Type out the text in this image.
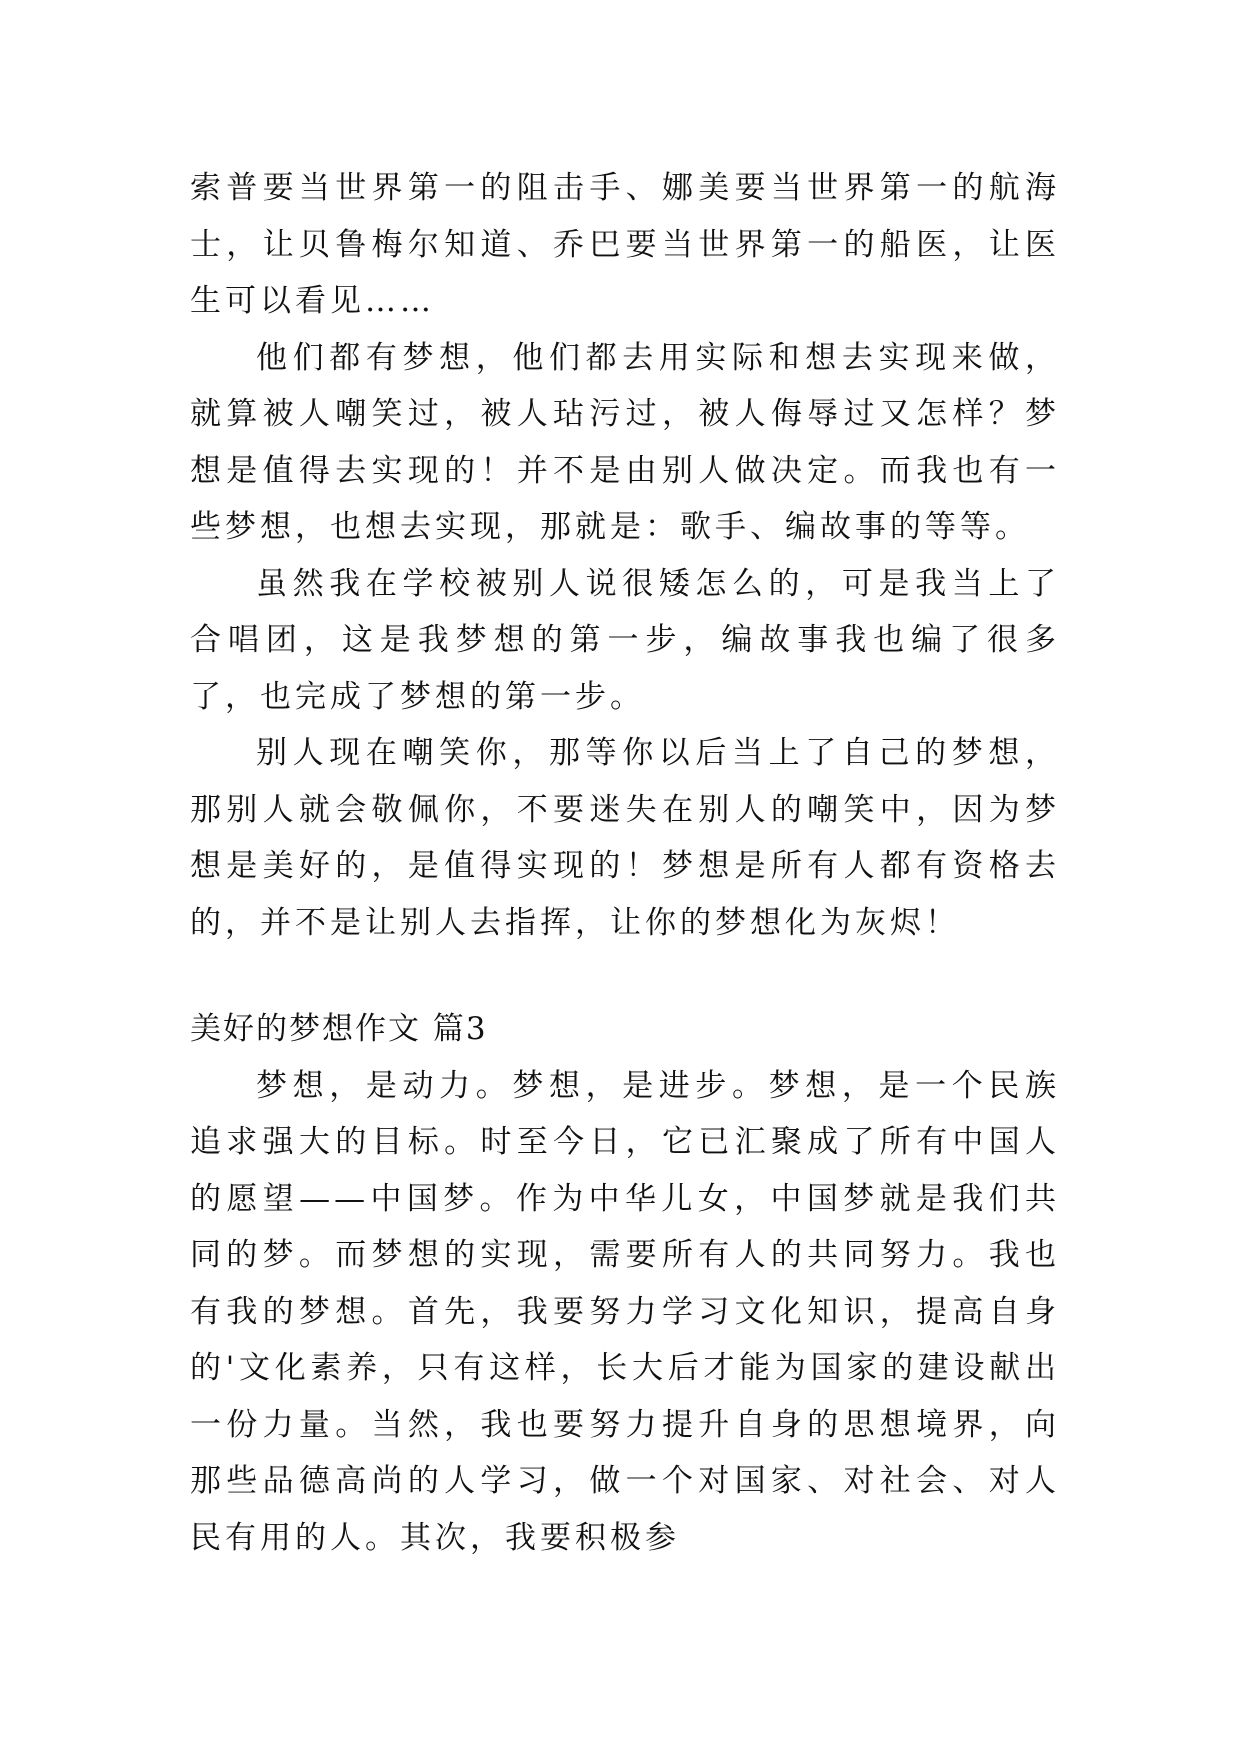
索普要当世界第一的阻击手、娜美要当世界第一的航海士，让贝鲁梅尔知道、乔巴要当世界第一的船医，让医生可以看见……

他们都有梦想，他们都去用实际和想去实现来做，就算被人嘲笑过，被人玷污过，被人侮辱过又怎样？梦想是值得去实现的！并不是由别人做决定。而我也有一些梦想，也想去实现，那就是：歌手、编故事的等等。

虽然我在学校被别人说很矮怎么的，可是我当上了合唱团，这是我梦想的第一步，编故事我也编了很多了，也完成了梦想的第一步。

别人现在嘲笑你，那等你以后当上了自己的梦想，那别人就会敬佩你，不要迷失在别人的嘲笑中，因为梦想是美好的，是值得实现的！梦想是所有人都有资格去的，并不是让别人去指挥，让你的梦想化为灰烬！

美好的梦想作文 篇3

梦想，是动力。梦想，是进步。梦想，是一个民族追求强大的目标。时至今日，它已汇聚成了所有中国人的愿望——中国梦。作为中华儿女，中国梦就是我们共同的梦。而梦想的实现，需要所有人的共同努力。我也有我的梦想。首先，我要努力学习文化知识，提高自身的'文化素养，只有这样，长大后才能为国家的建设献出一份力量。当然，我也要努力提升自身的思想境界，向那些品德高尚的人学习，做一个对国家、对社会、对人民有用的人。其次，我要积极参
